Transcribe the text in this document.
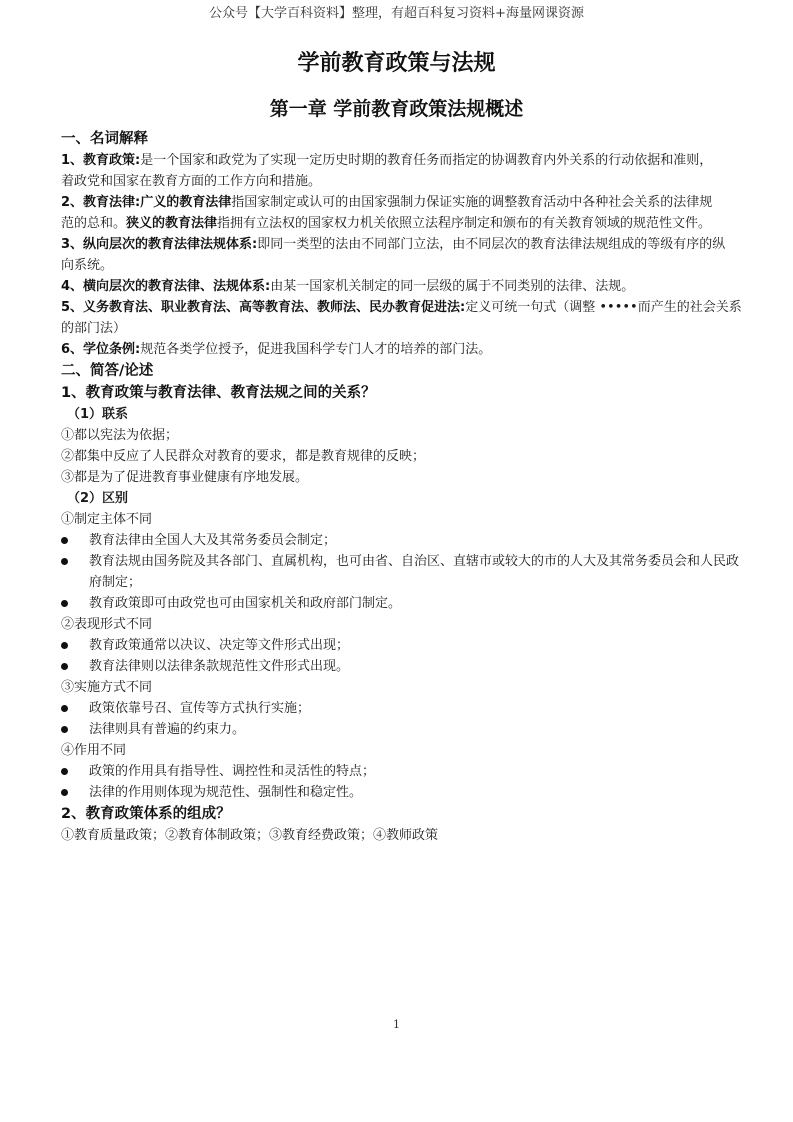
公众号【大学百科资料】整理，有超百科复习资料+海量网课资源
学前教育政策与法规
第一章 学前教育政策法规概述
一、名词解释
1、教育政策:是一个国家和政党为了实现一定历史时期的教育任务而指定的协调教育内外关系的行动依据和准则，
着政党和国家在教育方面的工作方向和措施。
2、教育法律:广义的教育法律指国家制定或认可的由国家强制力保证实施的调整教育活动中各种社会关系的法律规
范的总和。狭义的教育法律指拥有立法权的国家权力机关依照立法程序制定和颁布的有关教育领域的规范性文件。
3、纵向层次的教育法律法规体系:即同一类型的法由不同部门立法，由不同层次的教育法律法规组成的等级有序的纵
向系统。
4、横向层次的教育法律、法规体系:由某一国家机关制定的同一层级的属于不同类别的法律、法规。
5、义务教育法、职业教育法、高等教育法、教师法、民办教育促进法:定义可统一句式（调整 •••••而产生的社会关系
的部门法）
6、学位条例:规范各类学位授予，促进我国科学专门人才的培养的部门法。
二、简答/论述
1、教育政策与教育法律、教育法规之间的关系？
（1）联系
①都以宪法为依据；
②都集中反应了人民群众对教育的要求，都是教育规律的反映；
③都是为了促进教育事业健康有序地发展。
（2）区别
①制定主体不同
教育法律由全国人大及其常务委员会制定；
教育法规由国务院及其各部门、直属机构，也可由省、自治区、直辖市或较大的市的人大及其常务委员会和人民政府制定；
教育政策即可由政党也可由国家机关和政府部门制定。
②表现形式不同
教育政策通常以决议、决定等文件形式出现；
教育法律则以法律条款规范性文件形式出现。
③实施方式不同
政策依靠号召、宣传等方式执行实施；
法律则具有普遍的约束力。
④作用不同
政策的作用具有指导性、调控性和灵活性的特点；
法律的作用则体现为规范性、强制性和稳定性。
2、教育政策体系的组成？
①教育质量政策；②教育体制政策；③教育经费政策；④教师政策
1
